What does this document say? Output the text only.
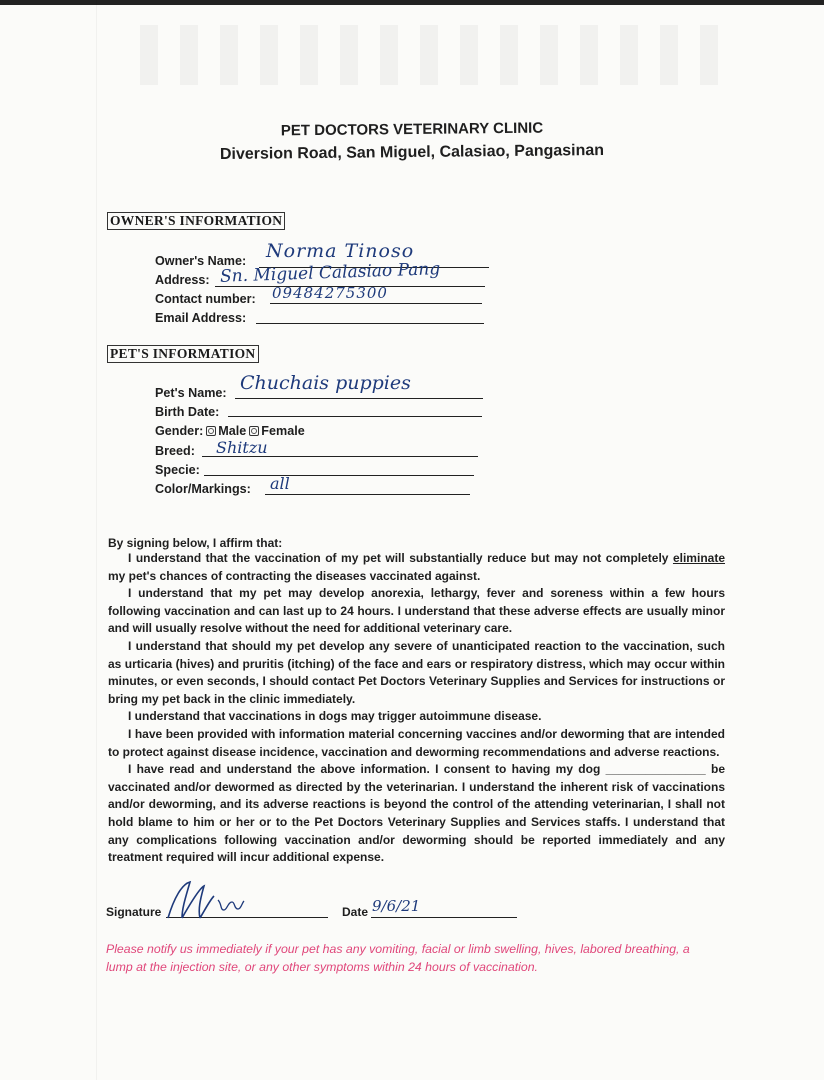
PET DOCTORS VETERINARY CLINIC
Diversion Road, San Miguel, Calasiao, Pangasinan
OWNER'S INFORMATION
Owner's Name: Norma Tinoso
Address: Sn. Miguel Calasiao Pang
Contact number: 09484275300
Email Address:
PET'S INFORMATION
Pet's Name: Chuchais puppies
Birth Date:
Gender: Male Female
Breed: Shitzu
Specie:
Color/Markings: all
By signing below, I affirm that:

I understand that the vaccination of my pet will substantially reduce but may not completely eliminate my pet's chances of contracting the diseases vaccinated against.

I understand that my pet may develop anorexia, lethargy, fever and soreness within a few hours following vaccination and can last up to 24 hours. I understand that these adverse effects are usually minor and will usually resolve without the need for additional veterinary care.

I understand that should my pet develop any severe of unanticipated reaction to the vaccination, such as urticaria (hives) and pruritis (itching) of the face and ears or respiratory distress, which may occur within minutes, or even seconds, I should contact Pet Doctors Veterinary Supplies and Services for instructions or bring my pet back in the clinic immediately.

I understand that vaccinations in dogs may trigger autoimmune disease.

I have been provided with information material concerning vaccines and/or deworming that are intended to protect against disease incidence, vaccination and deworming recommendations and adverse reactions.

I have read and understand the above information. I consent to having my dog _______________ be vaccinated and/or dewormed as directed by the veterinarian. I understand the inherent risk of vaccinations and/or deworming, and its adverse reactions is beyond the control of the attending veterinarian, I shall not hold blame to him or her or to the Pet Doctors Veterinary Supplies and Services staffs. I understand that any complications following vaccination and/or deworming should be reported immediately and any treatment required will incur additional expense.

Signature	Date 9/6/21
Please notify us immediately if your pet has any vomiting, facial or limb swelling, hives, labored breathing, a lump at the injection site, or any other symptoms within 24 hours of vaccination.
